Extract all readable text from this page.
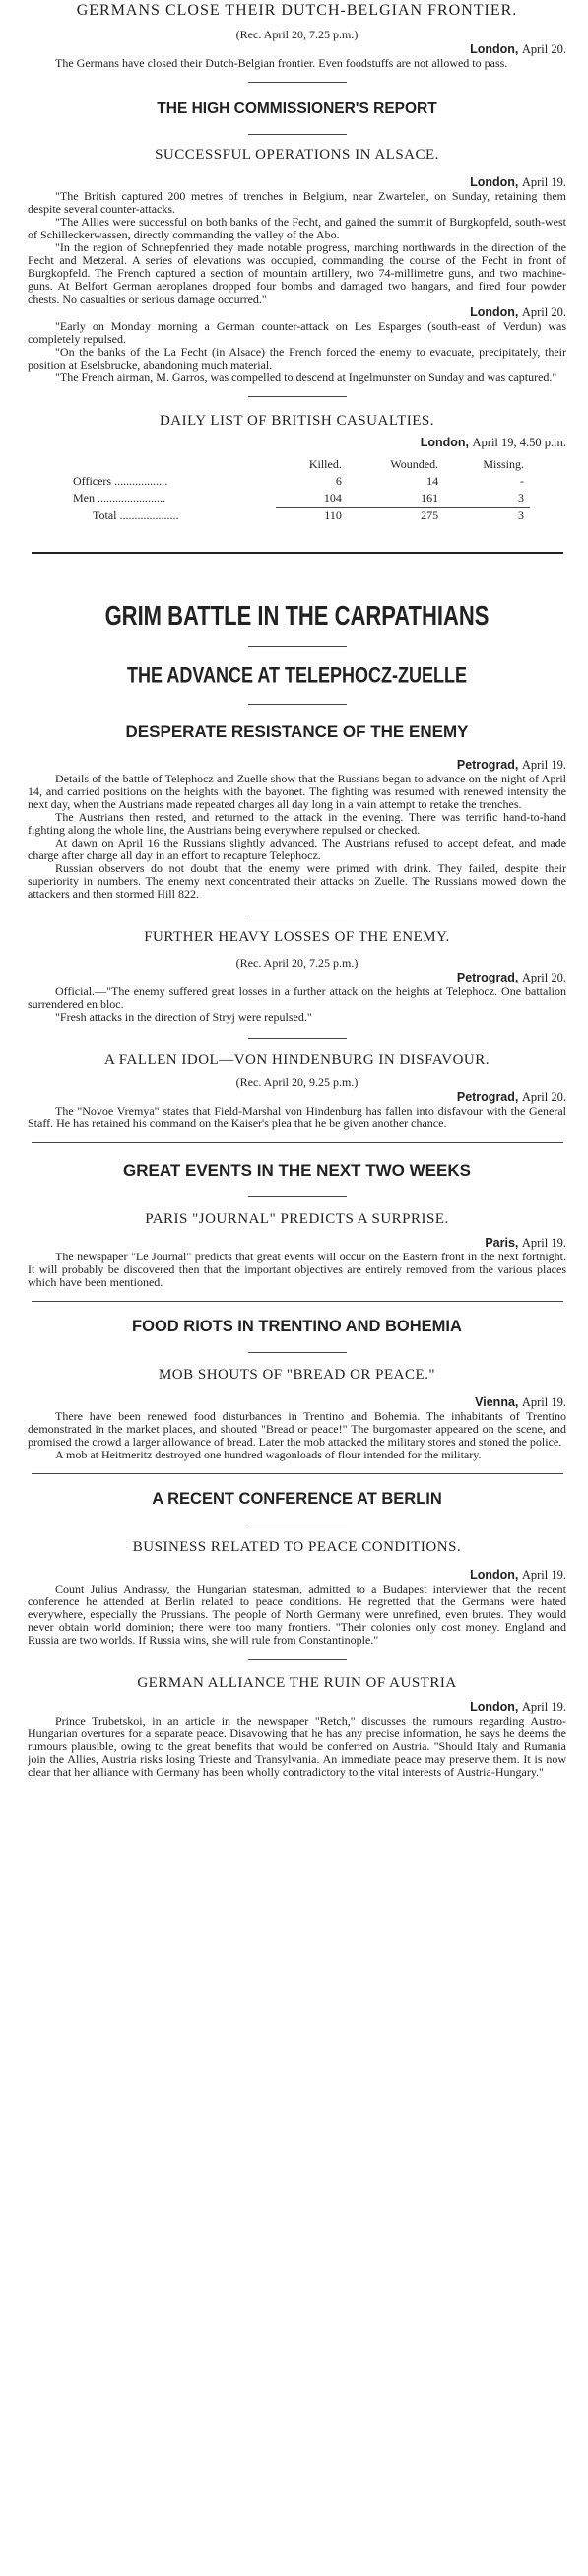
GERMANS CLOSE THEIR DUTCH-BELGIAN FRONTIER.

(Rec. April 20, 7.25 p.m.)

London, April 20.

The Germans have closed their Dutch-Belgian frontier. Even foodstuffs are not allowed to pass.

THE HIGH COMMISSIONER'S REPORT
SUCCESSFUL OPERATIONS IN ALSACE.

London, April 19.

"The British captured 200 metres of trenches in Belgium, near Zwartelen, on Sunday, retaining them despite several counter-attacks.

"The Allies were successful on both banks of the Fecht, and gained the summit of Burgkopfeld, south-west of Schilleckerwassen, directly commanding the valley of the Abo.

"In the region of Schnepfenried they made notable progress, marching northwards in the direction of the Fecht and Metzeral. A series of elevations was occupied, commanding the course of the Fecht in front of Burgkopfeld. The French captured a section of mountain artillery, two 74-millimetre guns, and two machine-guns. At Belfort German aeroplanes dropped four bombs and damaged two hangars, and fired four powder chests. No casualties or serious damage occurred."

London, April 20.

"Early on Monday morning a German counter-attack on Les Esparges (south-east of Verdun) was completely repulsed.

"On the banks of the La Fecht (in Alsace) the French forced the enemy to evacuate, precipitately, their position at Eselsbrucke, abandoning much material.

"The French airman, M. Garros, was compelled to descend at Ingelmunster on Sunday and was captured."

DAILY LIST OF BRITISH CASUALTIES.

London, April 19, 4.50 p.m.

	Killed.	Wounded.	Missing.
Officers ..................	6	14	-
Men .......................	104	161	3
Total ....................	110	275	3
GRIM BATTLE IN THE CARPATHIANS
THE ADVANCE AT TELEPHOCZ-ZUELLE
DESPERATE RESISTANCE OF THE ENEMY

Petrograd, April 19.

Details of the battle of Telephocz and Zuelle show that the Russians began to advance on the night of April 14, and carried positions on the heights with the bayonet. The fighting was resumed with renewed intensity the next day, when the Austrians made repeated charges all day long in a vain attempt to retake the trenches.

The Austrians then rested, and returned to the attack in the evening. There was terrific hand-to-hand fighting along the whole line, the Austrians being everywhere repulsed or checked.

At dawn on April 16 the Russians slightly advanced. The Austrians refused to accept defeat, and made charge after charge all day in an effort to recapture Telephocz.

Russian observers do not doubt that the enemy were primed with drink. They failed, despite their superiority in numbers. The enemy next concentrated their attacks on Zuelle. The Russians mowed down the attackers and then stormed Hill 822.

FURTHER HEAVY LOSSES OF THE ENEMY.

(Rec. April 20, 7.25 p.m.)

Petrograd, April 20.

Official.—"The enemy suffered great losses in a further attack on the heights at Telephocz. One battalion surrendered en bloc.

"Fresh attacks in the direction of Stryj were repulsed."

A FALLEN IDOL—VON HINDENBURG IN DISFAVOUR.

(Rec. April 20, 9.25 p.m.)

Petrograd, April 20.

The "Novoe Vremya" states that Field-Marshal von Hindenburg has fallen into disfavour with the General Staff. He has retained his command on the Kaiser's plea that he be given another chance.

GREAT EVENTS IN THE NEXT TWO WEEKS
PARIS "JOURNAL" PREDICTS A SURPRISE.

Paris, April 19.

The newspaper "Le Journal" predicts that great events will occur on the Eastern front in the next fortnight. It will probably be discovered then that the important objectives are entirely removed from the various places which have been mentioned.

FOOD RIOTS IN TRENTINO AND BOHEMIA
MOB SHOUTS OF "BREAD OR PEACE."

Vienna, April 19.

There have been renewed food disturbances in Trentino and Bohemia. The inhabitants of Trentino demonstrated in the market places, and shouted "Bread or peace!" The burgomaster appeared on the scene, and promised the crowd a larger allowance of bread. Later the mob attacked the military stores and stoned the police.

A mob at Heitmeritz destroyed one hundred wagonloads of flour intended for the military.

A RECENT CONFERENCE AT BERLIN
BUSINESS RELATED TO PEACE CONDITIONS.

London, April 19.

Count Julius Andrassy, the Hungarian statesman, admitted to a Budapest interviewer that the recent conference he attended at Berlin related to peace conditions. He regretted that the Germans were hated everywhere, especially the Prussians. The people of North Germany were unrefined, even brutes. They would never obtain world dominion; there were too many frontiers. "Their colonies only cost money. England and Russia are two worlds. If Russia wins, she will rule from Constantinople."

GERMAN ALLIANCE THE RUIN OF AUSTRIA

London, April 19.

Prince Trubetskoi, in an article in the newspaper "Retch," discusses the rumours regarding Austro-Hungarian overtures for a separate peace. Disavowing that he has any precise information, he says he deems the rumours plausible, owing to the great benefits that would be conferred on Austria. "Should Italy and Rumania join the Allies, Austria risks losing Trieste and Transylvania. An immediate peace may preserve them. It is now clear that her alliance with Germany has been wholly contradictory to the vital interests of Austria-Hungary."
